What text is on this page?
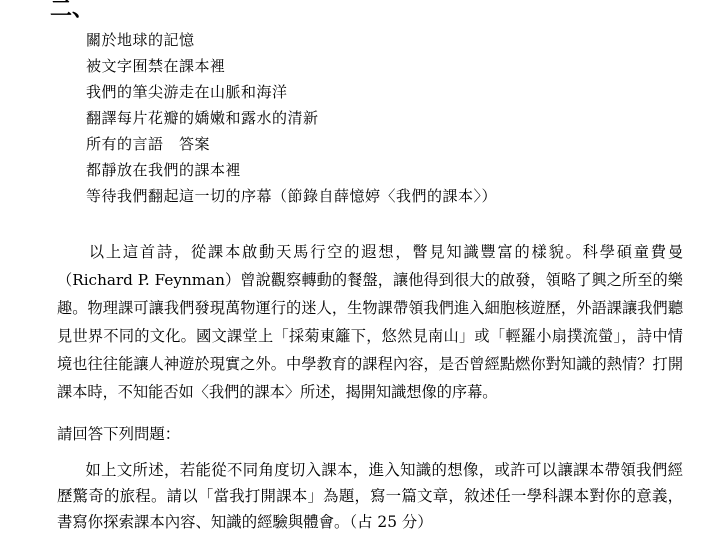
二、
關於地球的記憶
被文字囿禁在課本裡
我們的筆尖游走在山脈和海洋
翻譯每片花瓣的嬌嫩和露水的清新
所有的言語　答案
都靜放在我們的課本裡
等待我們翻起這一切的序幕（節錄自薛憶婷〈我們的課本〉）

以上這首詩，從課本啟動天馬行空的遐想，瞥見知識豐富的樣貌。科學碩童費曼（Richard P. Feynman）曾說觀察轉動的餐盤，讓他得到很大的啟發，領略了興之所至的樂趣。物理課可讓我們發現萬物運行的迷人，生物課帶領我們進入細胞核遊歷，外語課讓我們聽見世界不同的文化。國文課堂上「採菊東籬下，悠然見南山」或「輕羅小扇撲流螢」，詩中情境也往往能讓人神遊於現實之外。中學教育的課程內容，是否曾經點燃你對知識的熱情？打開課本時，不知能否如〈我們的課本〉所述，揭開知識想像的序幕。

請回答下列問題：

如上文所述，若能從不同角度切入課本，進入知識的想像，或許可以讓課本帶領我們經歷驚奇的旅程。請以「當我打開課本」為題，寫一篇文章，敘述任一學科課本對你的意義，書寫你探索課本內容、知識的經驗與體會。（占 25 分）
